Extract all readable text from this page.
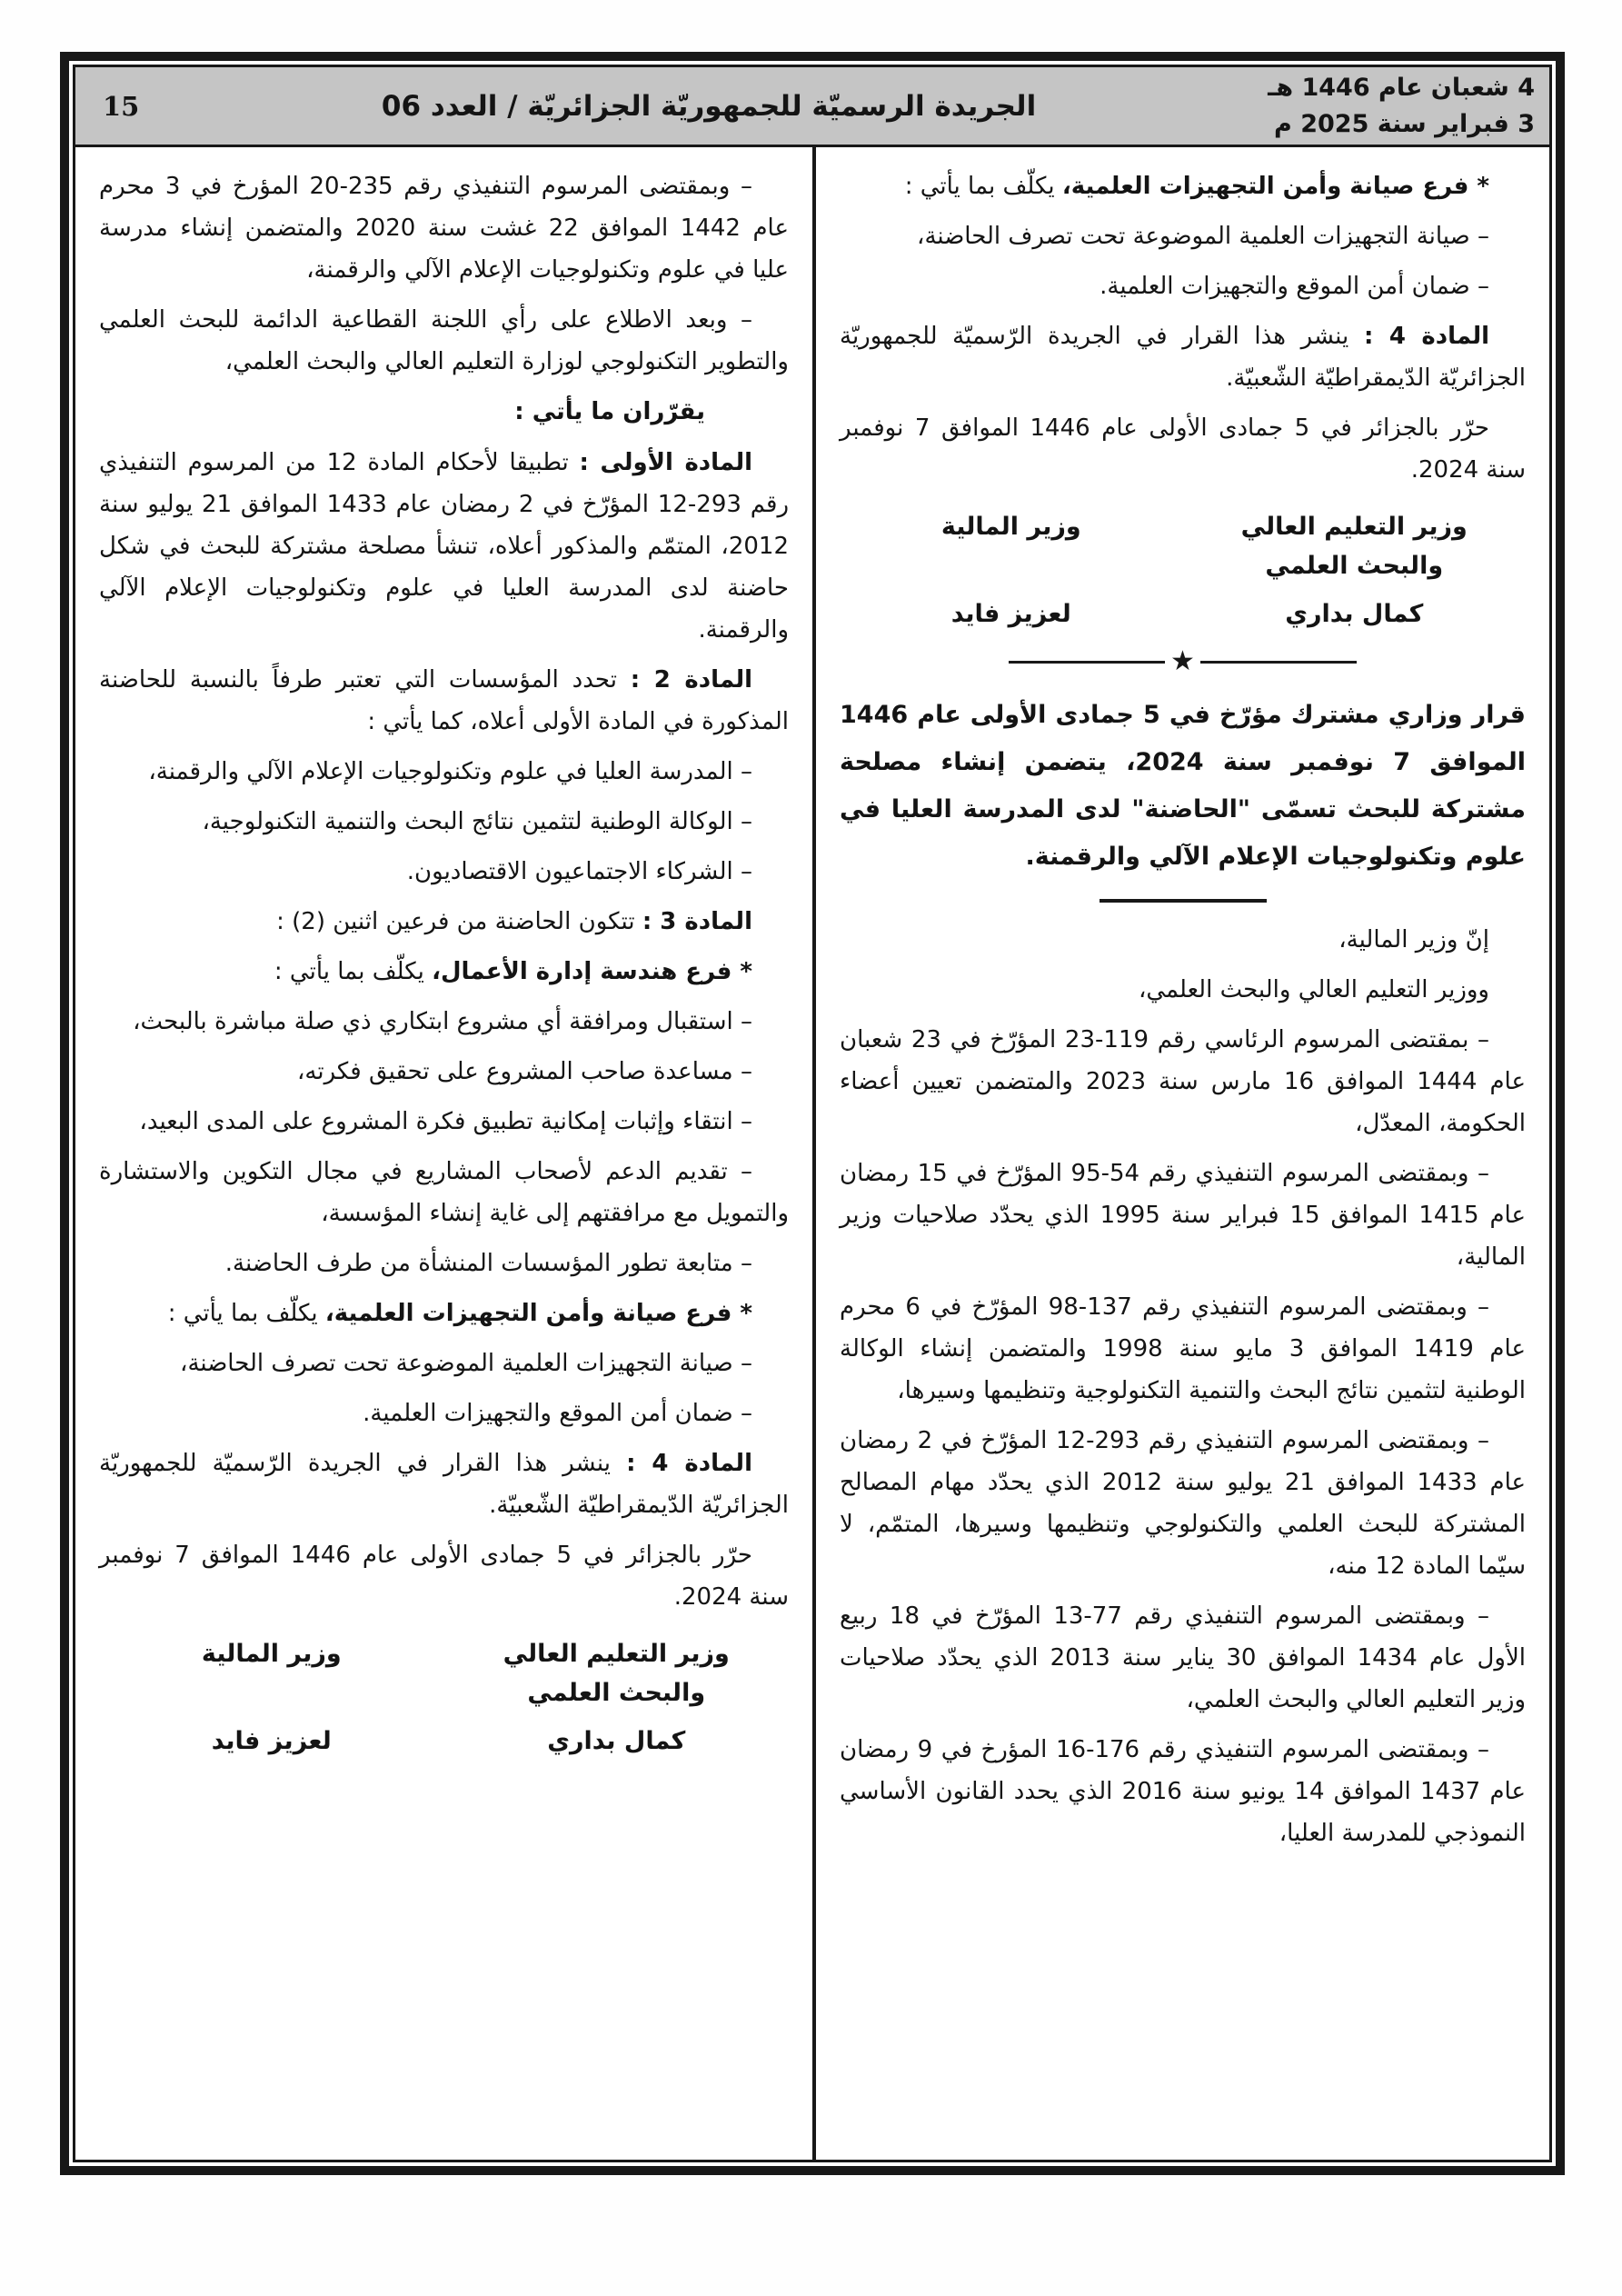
4 شعبان عام 1446 هـ
3 فبراير سنة 2025 م
الجريدة الرسميّة للجمهوريّة الجزائريّة / العدد 06
15

* فرع صيانة وأمن التجهيزات العلمية، يكلّف بما يأتي :

– صيانة التجهيزات العلمية الموضوعة تحت تصرف الحاضنة،

– ضمان أمن الموقع والتجهيزات العلمية.

المادة 4 : ينشر هذا القرار في الجريدة الرّسميّة للجمهوريّة الجزائريّة الدّيمقراطيّة الشّعبيّة.

حرّر بالجزائر في 5 جمادى الأولى عام 1446 الموافق 7 نوفمبر سنة 2024.

وزير التعليم العالي
والبحث العلمي
كمال بداري
وزير المالية
لعزيز فايد
★

قرار وزاري مشترك مؤرّخ في 5 جمادى الأولى عام 1446 الموافق 7 نوفمبر سنة 2024، يتضمن إنشاء مصلحة مشتركة للبحث تسمّى "الحاضنة" لدى المدرسة العليا في علوم وتكنولوجيات الإعلام الآلي والرقمنة.

إنّ وزير المالية،

ووزير التعليم العالي والبحث العلمي،

– بمقتضى المرسوم الرئاسي رقم 119-23 المؤرّخ في 23 شعبان عام 1444 الموافق 16 مارس سنة 2023 والمتضمن تعيين أعضاء الحكومة، المعدّل،

– وبمقتضى المرسوم التنفيذي رقم 54-95 المؤرّخ في 15 رمضان عام 1415 الموافق 15 فبراير سنة 1995 الذي يحدّد صلاحيات وزير المالية،

– وبمقتضى المرسوم التنفيذي رقم 137-98 المؤرّخ في 6 محرم عام 1419 الموافق 3 مايو سنة 1998 والمتضمن إنشاء الوكالة الوطنية لتثمين نتائج البحث والتنمية التكنولوجية وتنظيمها وسيرها،

– وبمقتضى المرسوم التنفيذي رقم 293-12 المؤرّخ في 2 رمضان عام 1433 الموافق 21 يوليو سنة 2012 الذي يحدّد مهام المصالح المشتركة للبحث العلمي والتكنولوجي وتنظيمها وسيرها، المتمّم، لا سيّما المادة 12 منه،

– وبمقتضى المرسوم التنفيذي رقم 77-13 المؤرّخ في 18 ربيع الأول عام 1434 الموافق 30 يناير سنة 2013 الذي يحدّد صلاحيات وزير التعليم العالي والبحث العلمي،

– وبمقتضى المرسوم التنفيذي رقم 176-16 المؤرخ في 9 رمضان عام 1437 الموافق 14 يونيو سنة 2016 الذي يحدد القانون الأساسي النموذجي للمدرسة العليا،

– وبمقتضى المرسوم التنفيذي رقم 235-20 المؤرخ في 3 محرم عام 1442 الموافق 22 غشت سنة 2020 والمتضمن إنشاء مدرسة عليا في علوم وتكنولوجيات الإعلام الآلي والرقمنة،

– وبعد الاطلاع على رأي اللجنة القطاعية الدائمة للبحث العلمي والتطوير التكنولوجي لوزارة التعليم العالي والبحث العلمي،

يقرّران ما يأتي :

المادة الأولى : تطبيقا لأحكام المادة 12 من المرسوم التنفيذي رقم 293-12 المؤرّخ في 2 رمضان عام 1433 الموافق 21 يوليو سنة 2012، المتمّم والمذكور أعلاه، تنشأ مصلحة مشتركة للبحث في شكل حاضنة لدى المدرسة العليا في علوم وتكنولوجيات الإعلام الآلي والرقمنة.

المادة 2 : تحدد المؤسسات التي تعتبر طرفاً بالنسبة للحاضنة المذكورة في المادة الأولى أعلاه، كما يأتي :

– المدرسة العليا في علوم وتكنولوجيات الإعلام الآلي والرقمنة،

– الوكالة الوطنية لتثمين نتائج البحث والتنمية التكنولوجية،

– الشركاء الاجتماعيون الاقتصاديون.

المادة 3 : تتكون الحاضنة من فرعين اثنين (2) :

* فرع هندسة إدارة الأعمال، يكلّف بما يأتي :

– استقبال ومرافقة أي مشروع ابتكاري ذي صلة مباشرة بالبحث،

– مساعدة صاحب المشروع على تحقيق فكرته،

– انتقاء وإثبات إمكانية تطبيق فكرة المشروع على المدى البعيد،

– تقديم الدعم لأصحاب المشاريع في مجال التكوين والاستشارة والتمويل مع مرافقتهم إلى غاية إنشاء المؤسسة،

– متابعة تطور المؤسسات المنشأة من طرف الحاضنة.

* فرع صيانة وأمن التجهيزات العلمية، يكلّف بما يأتي :

– صيانة التجهيزات العلمية الموضوعة تحت تصرف الحاضنة،

– ضمان أمن الموقع والتجهيزات العلمية.

المادة 4 : ينشر هذا القرار في الجريدة الرّسميّة للجمهوريّة الجزائريّة الدّيمقراطيّة الشّعبيّة.

حرّر بالجزائر في 5 جمادى الأولى عام 1446 الموافق 7 نوفمبر سنة 2024.

وزير التعليم العالي
والبحث العلمي
كمال بداري
وزير المالية
لعزيز فايد
